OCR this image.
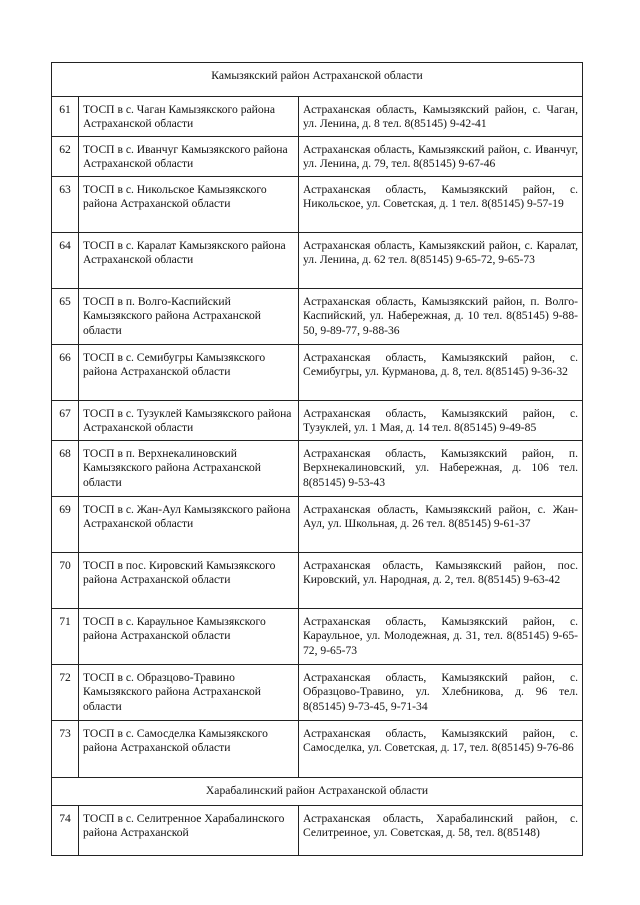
Камызякский район Астраханской области		
61	ТОСП в с. Чаган Камызякского района Астраханской области	Астраханская область, Камызякский район, с. Чаган, ул. Ленина, д. 8 тел. 8(85145) 9-42-41
62	ТОСП в с. Иванчуг Камызякского района Астраханской области	Астраханская область, Камызякский район, с. Иванчуг, ул. Ленина, д. 79, тел. 8(85145) 9-67-46
63	ТОСП в с. Никольское Камызякского района Астраханской области	Астраханская область, Камызякский район, с. Никольское, ул. Советская, д. 1 тел. 8(85145) 9-57-19
64	ТОСП в с. Каралат Камызякского района Астраханской области	Астраханская область, Камызякский район, с. Каралат, ул. Ленина, д. 62 тел. 8(85145) 9-65-72, 9-65-73
65	ТОСП в п. Волго-Каспийский Камызякского района Астраханской области	Астраханская область, Камызякский район, п. Волго-Каспийский, ул. Набережная, д. 10 тел. 8(85145) 9-88-50, 9-89-77, 9-88-36
66	ТОСП в с. Семибугры Камызякского района Астраханской области	Астраханская область, Камызякский район, с. Семибугры, ул. Курманова, д. 8, тел. 8(85145) 9-36-32
67	ТОСП в с. Тузуклей Камызякского района Астраханской области	Астраханская область, Камызякский район, с. Тузуклей, ул. 1 Мая, д. 14 тел. 8(85145) 9-49-85
68	ТОСП в п. Верхнекалиновский Камызякского района Астраханской области	Астраханская область, Камызякский район, п. Верхнекалиновский, ул. Набережная, д. 106 тел. 8(85145) 9-53-43
69	ТОСП в с. Жан-Аул Камызякского района Астраханской области	Астраханская область, Камызякский район, с. Жан-Аул, ул. Школьная, д. 26 тел. 8(85145) 9-61-37
70	ТОСП в пос. Кировский Камызякского района Астраханской области	Астраханская область, Камызякский район, пос. Кировский, ул. Народная, д. 2, тел. 8(85145) 9-63-42
71	ТОСП в с. Караульное Камызякского района Астраханской области	Астраханская область, Камызякский район, с. Караульное, ул. Молодежная, д. 31, тел. 8(85145) 9-65-72, 9-65-73
72	ТОСП в с. Образцово-Травино Камызякского района Астраханской области	Астраханская область, Камызякский район, с. Образцово-Травино, ул. Хлебникова, д. 96 тел. 8(85145) 9-73-45, 9-71-34
73	ТОСП в с. Самосделка Камызякского района Астраханской области	Астраханская область, Камызякский район, с. Самосделка, ул. Советская, д. 17, тел. 8(85145) 9-76-86
Харабалинский район Астраханской области		
74	ТОСП в с. Селитренное Харабалинского района Астраханской	Астраханская область, Харабалинский район, с. Селитреиное, ул. Советская, д. 58, тел. 8(85148)
